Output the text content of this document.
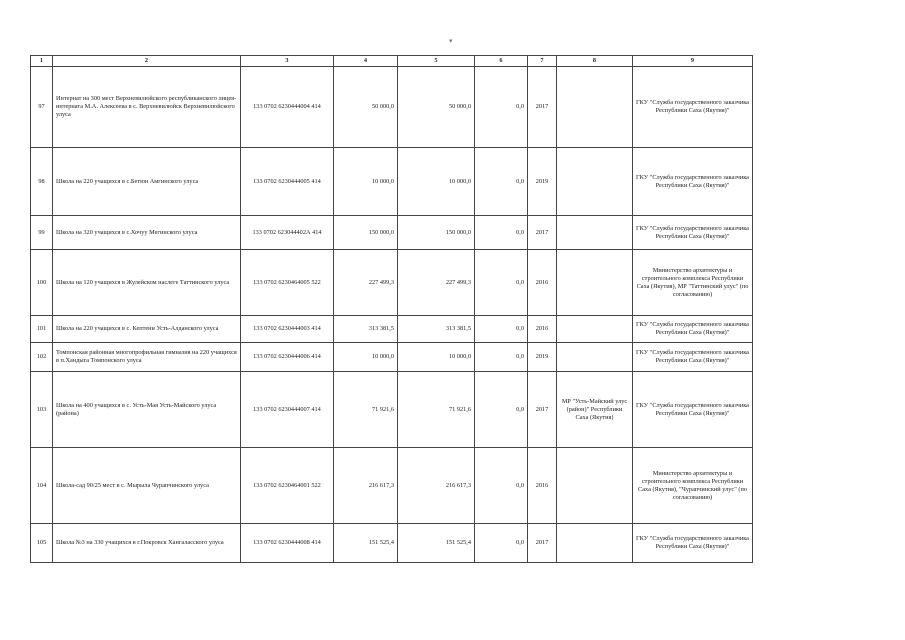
▾
1	2	3	4	5	6	7	8	9
97	Интернат на 300 мест Верхневилюйского республиканского лицея-интерната М.А. Алексеева в с. Верхневилюйск Верхневилюйского улуса	133 0702 6230444004 414	50 000,0	50 000,0	0,0	2017		ГКУ "Служба государственного заказчика Республики Саха (Якутия)"
98	Школа на 220 учащихся в с.Бетюн Амгинского улуса	133 0702 6230444005 414	10 000,0	10 000,0	0,0	2019		ГКУ "Служба государственного заказчика Республики Саха (Якутия)"
99	Школа на 320 учащихся в с.Хочуу Мегинского улуса	133 0702 623044402А 414	150 000,0	150 000,0	0,0	2017		ГКУ "Служба государственного заказчика Республики Саха (Якутия)"
100	Школа на 120 учащихся в Жулейском наслеге Таттинского улуса	133 0702 6230464005 522	227 499,3	227 499,3	0,0	2016		Министерство архитектуры и строительного комплекса Республики Саха (Якутия), МР "Таттинский улус" (по согласованию)
101	Школа на 220 учащихся в с. Кептени Усть-Алданского улуса	133 0702 6230444003 414	313 381,5	313 381,5	0,0	2016		ГКУ "Служба государственного заказчика Республики Саха (Якутия)"
102	Томпонская районная многопрофильная гимназия на 220 учащихся в п.Хандыга Томпонского улуса	133 0702 6230444006 414	10 000,0	10 000,0	0,0	2019		ГКУ "Служба государственного заказчика Республики Саха (Якутия)"
103	Школа на 400 учащихся в с. Усть-Мая Усть-Майского улуса (района)	133 0702 6230444007 414	71 921,6	71 921,6	0,0	2017	МР "Усть-Майский улус (район)" Республики Саха (Якутия)	ГКУ "Служба государственного заказчика Республики Саха (Якутия)"
104	Школа-сад 90/25 мест в с. Мырыла Чурапчинского улуса	133 0702 6230464001 522	216 617,3	216 617,3	0,0	2016		Министерство архитектуры и строительного комплекса Республики Саха (Якутия), "Чурапчинский улус" (по согласованию)
105	Школа №3 на 330 учащихся в г.Покровск Хангаласского улуса	133 0702 6230444008 414	151 525,4	151 525,4	0,0	2017		ГКУ "Служба государственного заказчика Республики Саха (Якутия)"
